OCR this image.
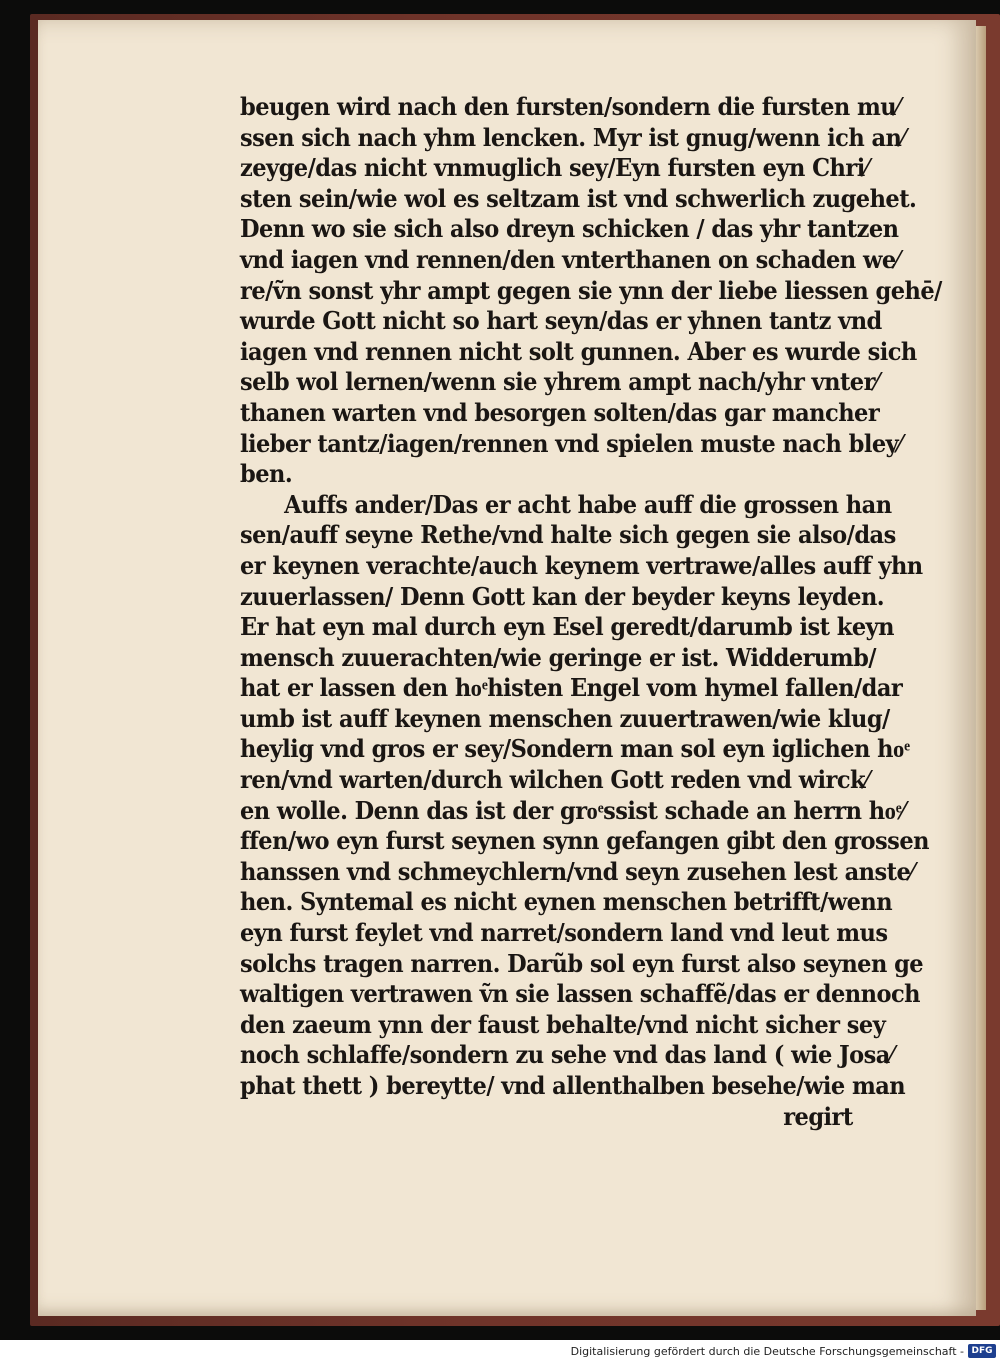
beugen wird nach den fursten/sondern die fursten mu⁄
ssen sich nach yhm lencken. Myr ist gnug/wenn ich an⁄
zeyge/das nicht vnmuglich sey/Eyn fursten eyn Chri⁄
sten sein/wie wol es seltzam ist vnd schwerlich zugehet.
Denn wo sie sich also dreyn schicken / das yhr tantzen
vnd iagen vnd rennen/den vnterthanen on schaden we⁄
re/ṽn sonst yhr ampt gegen sie ynn der liebe liessen gehē/
wurde Gott nicht so hart seyn/das er yhnen tantz vnd
iagen vnd rennen nicht solt gunnen. Aber es wurde sich
selb wol lernen/wenn sie yhrem ampt nach/yhr vnter⁄
thanen warten vnd besorgen solten/das gar mancher
lieber tantz/iagen/rennen vnd spielen muste nach bley⁄
ben.
Auffs ander/Das er acht habe auff die grossen han
sen/auff seyne Rethe/vnd halte sich gegen sie also/das
er keynen verachte/auch keynem vertrawe/alles auff yhn
zuuerlassen/ Denn Gott kan der beyder keyns leyden.
Er hat eyn mal durch eyn Esel geredt/darumb ist keyn
mensch zuuerachten/wie geringe er ist. Widderumb/
hat er lassen den hoͤhisten Engel vom hymel fallen/dar
umb ist auff keynen menschen zuuertrawen/wie klug/
heylig vnd gros er sey/Sondern man sol eyn iglichen hoͤ
ren/vnd warten/durch wilchen Gott reden vnd wirck⁄
en wolle. Denn das ist der groͤssist schade an herrn hoͤ⁄
ffen/wo eyn furst seynen synn gefangen gibt den grossen
hanssen vnd schmeychlern/vnd seyn zusehen lest anste⁄
hen. Syntemal es nicht eynen menschen betrifft/wenn
eyn furst feylet vnd narret/sondern land vnd leut mus
solchs tragen narren. Darũb sol eyn furst also seynen ge
waltigen vertrawen ṽn sie lassen schaffẽ/das er dennoch
den zaeum ynn der faust behalte/vnd nicht sicher sey
noch schlaffe/sondern zu sehe vnd das land ( wie Josa⁄
phat thett ) bereytte/ vnd allenthalben besehe/wie man
regirt
Digitalisierung gefördert durch die Deutsche Forschungsgemeinschaft - DFG
